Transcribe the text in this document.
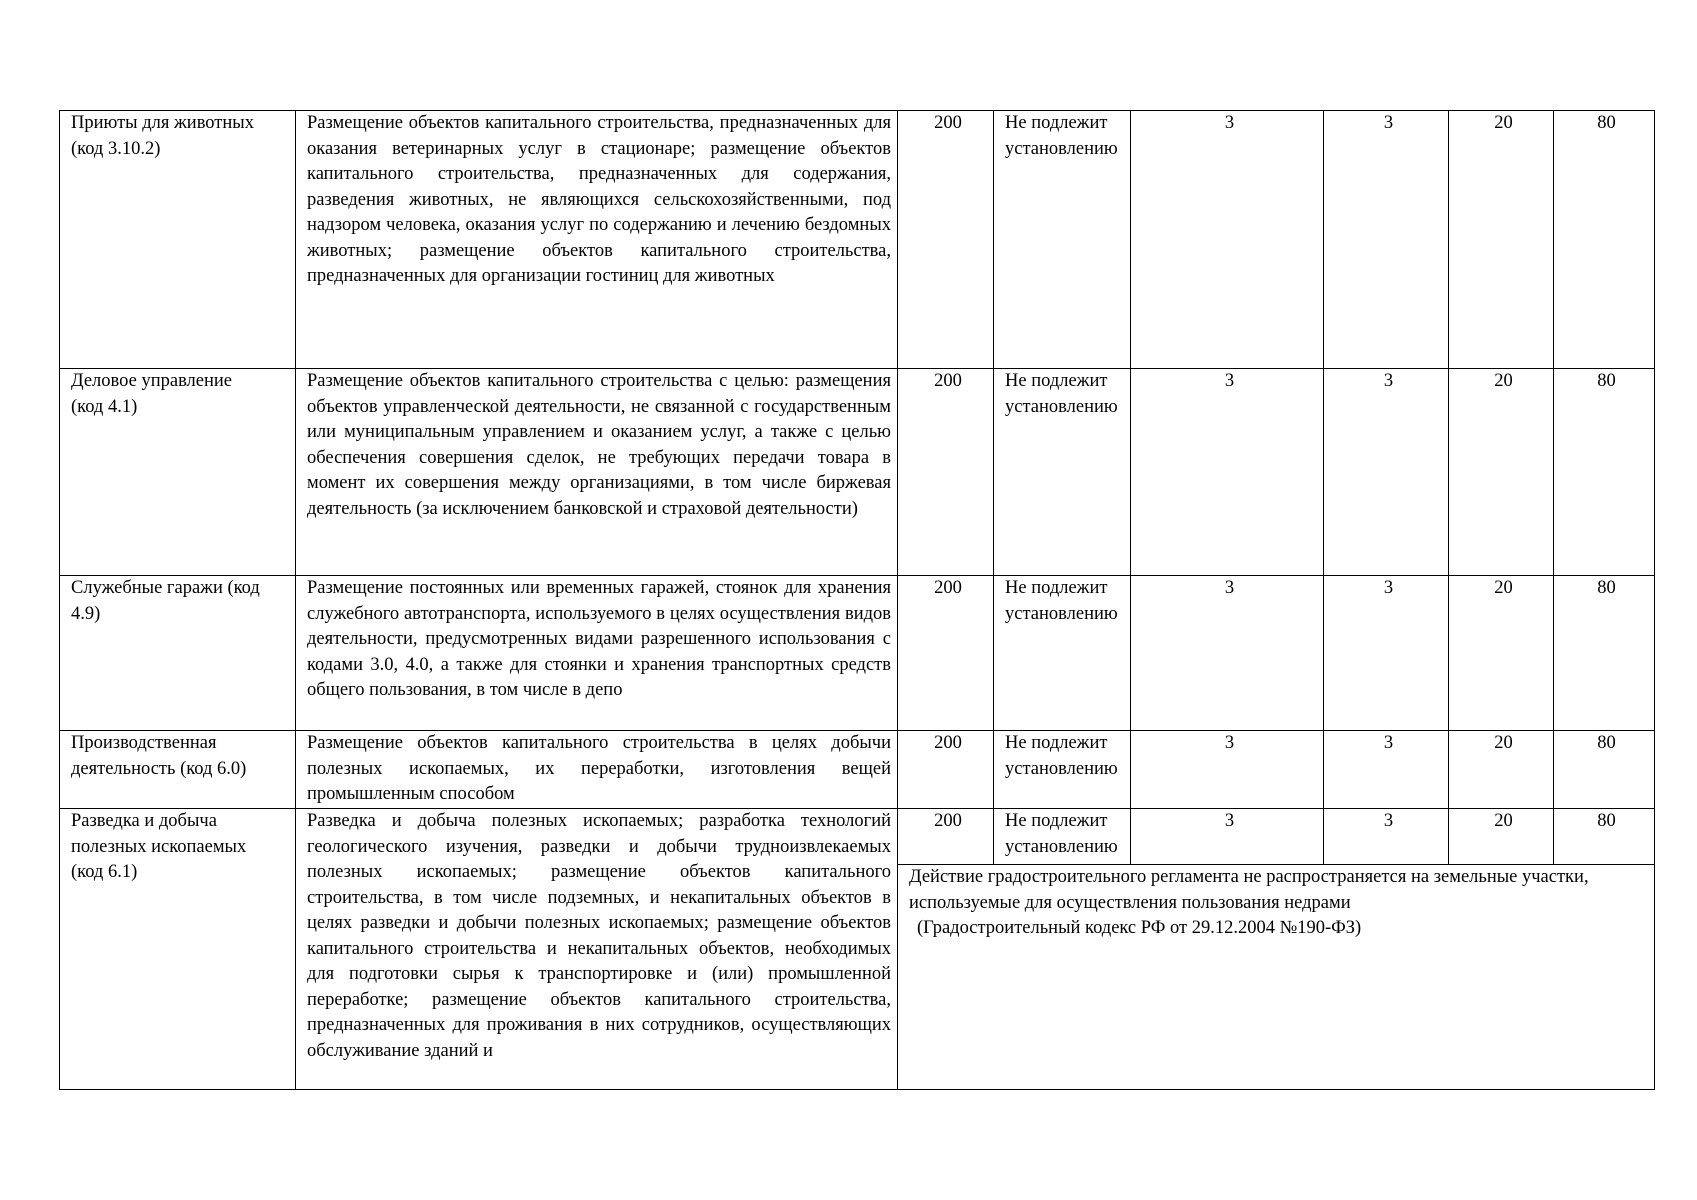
Приюты для животных (код 3.10.2)	Размещение объектов капитального строительства, предназначенных для оказания ветеринарных услуг в стационаре; размещение объектов капитального строительства, предназначенных для содержания, разведения животных, не являющихся сельскохозяйственными, под надзором человека, оказания услуг по содержанию и лечению бездомных животных; размещение объектов капитального строительства, предназначенных для организации гостиниц для животных	200	Не подлежит установлению	3	3	20	80

Деловое управление (код 4.1)	Размещение объектов капитального строительства с целью: размещения объектов управленческой деятельности, не связанной с государственным или муниципальным управлением и оказанием услуг, а также с целью обеспечения совершения сделок, не требующих передачи товара в момент их совершения между организациями, в том числе биржевая деятельность (за исключением банковской и страховой деятельности)	200	Не подлежит установлению	3	3	20	80
Служебные гаражи (код 4.9)	Размещение постоянных или временных гаражей, стоянок для хранения служебного автотранспорта, используемого в целях осуществления видов деятельности, предусмотренных видами разрешенного использования с кодами 3.0, 4.0, а также для стоянки и хранения транспортных средств общего пользования, в том числе в депо	200	Не подлежит установлению	3	3	20	80
Производственная деятельность (код 6.0)	Размещение объектов капитального строительства в целях добычи полезных ископаемых, их переработки, изготовления вещей промышленным способом	200	Не подлежит установлению	3	3	20	80

Разведка и добыча полезных ископаемых (код 6.1)	Разведка и добыча полезных ископаемых; разработка технологий геологического изучения, разведки и добычи трудноизвлекаемых полезных ископаемых; размещение объектов капитального строительства, в том числе подземных, и некапитальных объектов в целях разведки и добычи полезных ископаемых; размещение объектов капитального строительства и некапитальных объектов, необходимых для подготовки сырья к транспортировке и (или) промышленной переработке; размещение объектов капитального строительства, предназначенных для проживания в них сотрудников, осуществляющих обслуживание зданий и	200	Не подлежит установлению	3	3	20	80

		Действие градостроительного регламента не распространяется на земельные участки, используемые для осуществления пользования недрами
(Градостроительный кодекс РФ от 29.12.2004 №190-ФЗ)					
